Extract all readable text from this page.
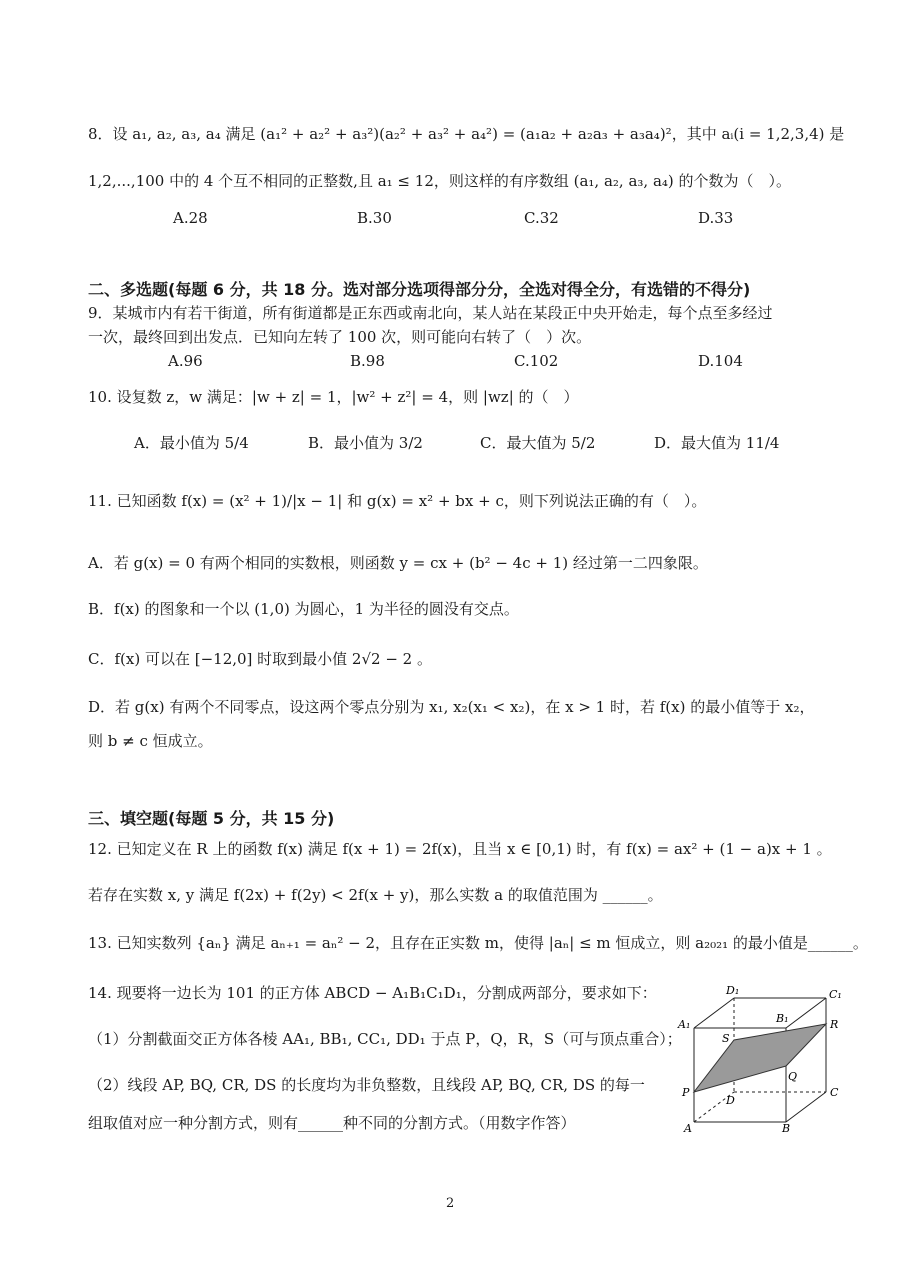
8．设 a₁, a₂, a₃, a₄ 满足 (a₁² + a₂² + a₃²)(a₂² + a₃² + a₄²) = (a₁a₂ + a₂a₃ + a₃a₄)²，其中 aᵢ(i = 1,2,3,4) 是
1,2,...,100 中的 4 个互不相同的正整数,且 a₁ ≤ 12，则这样的有序数组 (a₁, a₂, a₃, a₄) 的个数为（　）。
A.28	B.30	C.32	D.33
二、多选题(每题 6 分，共 18 分。选对部分选项得部分分，全选对得全分，有选错的不得分)
9．某城市内有若干街道，所有街道都是正东西或南北向，某人站在某段正中央开始走，每个点至多经过
一次，最终回到出发点．已知向左转了 100 次，则可能向右转了（　）次。
A.96	B.98	C.102	D.104
10. 设复数 z，w 满足：|w + z| = 1，|w² + z²| = 4，则 |wz| 的（　）
A．最小值为 5/4	B．最小值为 3/2	C．最大值为 5/2	D．最大值为 11/4
11. 已知函数 f(x) = (x² + 1)/|x − 1| 和 g(x) = x² + bx + c，则下列说法正确的有（　）。
A．若 g(x) = 0 有两个相同的实数根，则函数 y = cx + (b² − 4c + 1) 经过第一二四象限。
B．f(x) 的图象和一个以 (1,0) 为圆心，1 为半径的圆没有交点。
C．f(x) 可以在 [−12,0] 时取到最小值 2√2 − 2 。
D．若 g(x) 有两个不同零点，设这两个零点分别为 x₁, x₂(x₁ < x₂)，在 x > 1 时，若 f(x) 的最小值等于 x₂，
则 b ≠ c 恒成立。
三、填空题(每题 5 分，共 15 分)
12. 已知定义在 R 上的函数 f(x) 满足 f(x + 1) = 2f(x)，且当 x ∈ [0,1) 时，有 f(x) = ax² + (1 − a)x + 1 。
若存在实数 x, y 满足 f(2x) + f(2y) < 2f(x + y)，那么实数 a 的取值范围为 ______。
13. 已知实数列 {aₙ} 满足 aₙ₊₁ = aₙ² − 2，且存在正实数 m，使得 |aₙ| ≤ m 恒成立，则 a₂₀₂₁ 的最小值是______。
14. 现要将一边长为 101 的正方体 ABCD − A₁B₁C₁D₁，分割成两部分，要求如下：
（1）分割截面交正方体各棱 AA₁, BB₁, CC₁, DD₁ 于点 P，Q，R，S（可与顶点重合）；
（2）线段 AP, BQ, CR, DS 的长度均为非负整数，且线段 AP, BQ, CR, DS 的每一
组取值对应一种分割方式，则有______种不同的分割方式。（用数字作答）
D₁	C₁
A₁	B₁	R
S
P
Q
D
C
A	B
2
